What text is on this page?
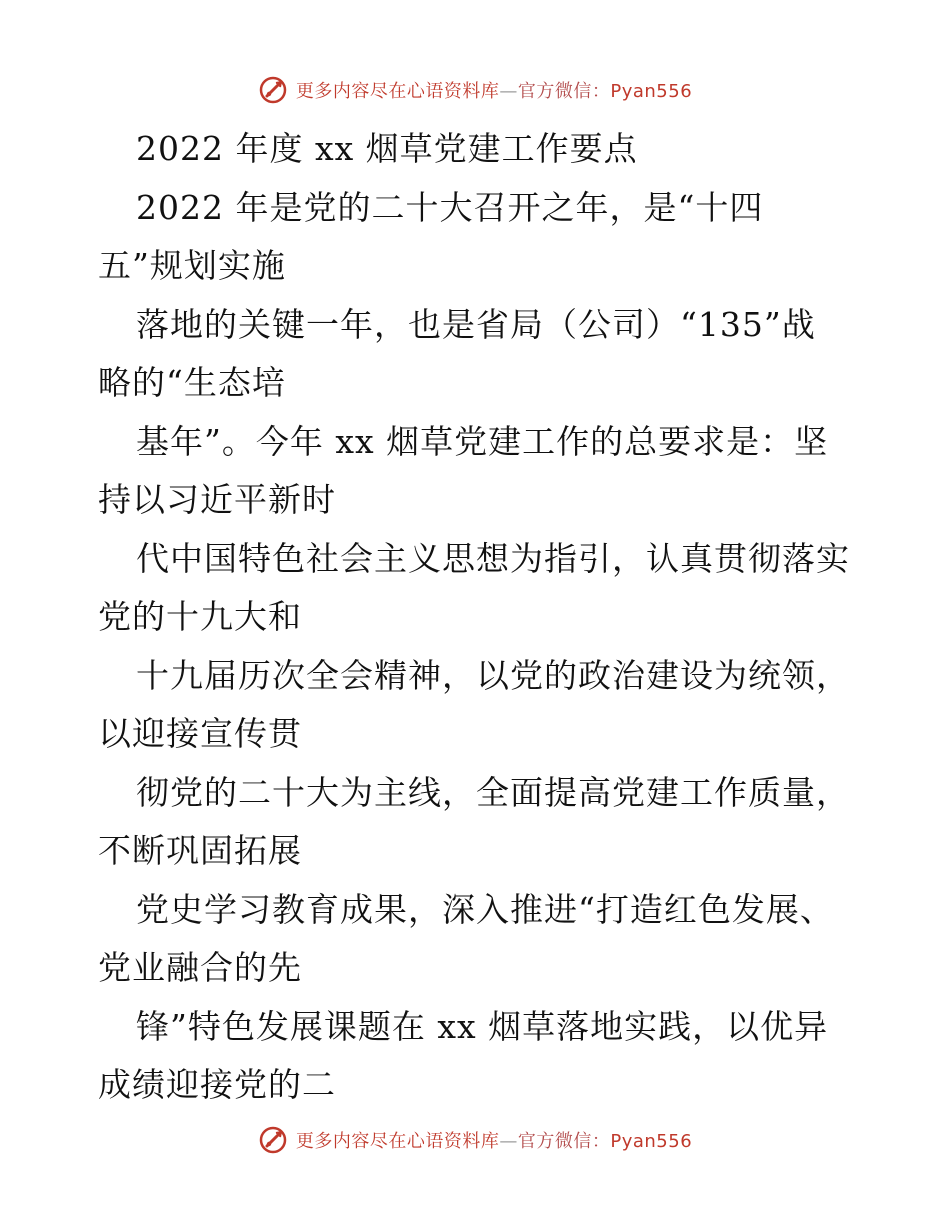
更多内容尽在心语资料库—官方微信：Pyan556
2022 年度 xx 烟草党建工作要点
2022 年是党的二十大召开之年，是“十四
五”规划实施
落地的关键一年，也是省局（公司）“135”战
略的“生态培
基年”。今年 xx 烟草党建工作的总要求是：坚
持以习近平新时
代中国特色社会主义思想为指引，认真贯彻落实
党的十九大和
十九届历次全会精神，以党的政治建设为统领，
以迎接宣传贯
彻党的二十大为主线，全面提高党建工作质量，
不断巩固拓展
党史学习教育成果，深入推进“打造红色发展、
党业融合的先
锋”特色发展课题在 xx 烟草落地实践，以优异
成绩迎接党的二
更多内容尽在心语资料库—官方微信：Pyan556
